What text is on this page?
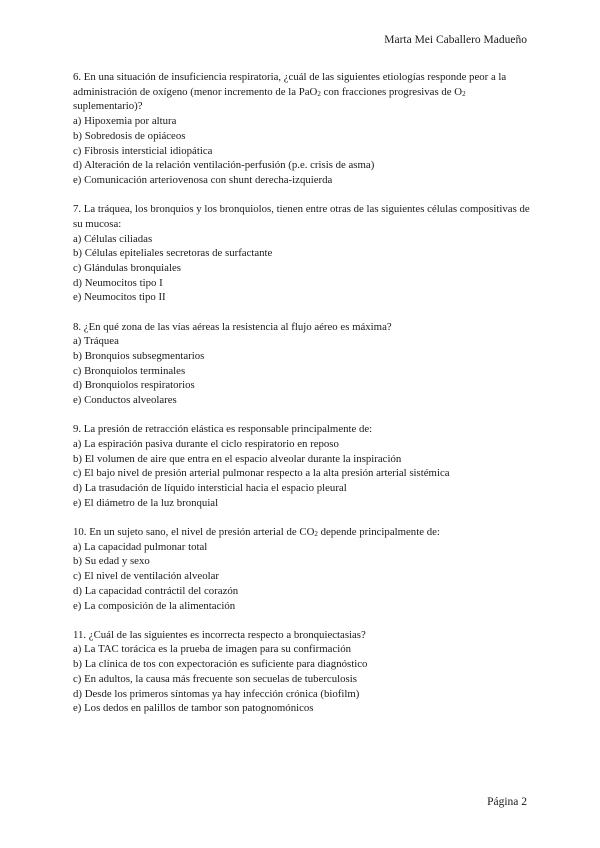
Marta Mei Caballero Madueño

6. En una situación de insuficiencia respiratoria, ¿cuál de las siguientes etiologías responde peor a la administración de oxígeno (menor incremento de la PaO$_2$ con fracciones progresivas de $O_2$ suplementario)?

a) Hipoxemia por altura
b) Sobredosis de opiáceos
c) Fibrosis intersticial idiopática
d) Alteración de la relación ventilación-perfusión (p.e. crisis de asma)
e) Comunicación arteriovenosa con shunt derecha-izquierda

7. La tráquea, los bronquios y los bronquiolos, tienen entre otras de las siguientes células compositivas de su mucosa:

a) Células ciliadas
b) Células epiteliales secretoras de surfactante
c) Glándulas bronquiales
d) Neumocitos tipo I
e) Neumocitos tipo II

8. ¿En qué zona de las vías aéreas la resistencia al flujo aéreo es máxima?

a) Tráquea
b) Bronquios subsegmentarios
c) Bronquiolos terminales
d) Bronquiolos respiratorios
e) Conductos alveolares

9. La presión de retracción elástica es responsable principalmente de:

a) La espiración pasiva durante el ciclo respiratorio en reposo
b) El volumen de aire que entra en el espacio alveolar durante la inspiración
c) El bajo nivel de presión arterial pulmonar respecto a la alta presión arterial sistémica
d) La trasudación de líquido intersticial hacia el espacio pleural
e) El diámetro de la luz bronquial

10. En un sujeto sano, el nivel de presión arterial de $CO_2$ depende principalmente de:

a) La capacidad pulmonar total
b) Su edad y sexo
c) El nivel de ventilación alveolar
d) La capacidad contráctil del corazón
e) La composición de la alimentación

11. ¿Cuál de las siguientes es incorrecta respecto a bronquiectasias?

a) La TAC torácica es la prueba de imagen para su confirmación
b) La clínica de tos con expectoración es suficiente para diagnóstico
c) En adultos, la causa más frecuente son secuelas de tuberculosis
d) Desde los primeros síntomas ya hay infección crónica (biofilm)
e) Los dedos en palillos de tambor son patognomónicos
Página 2
